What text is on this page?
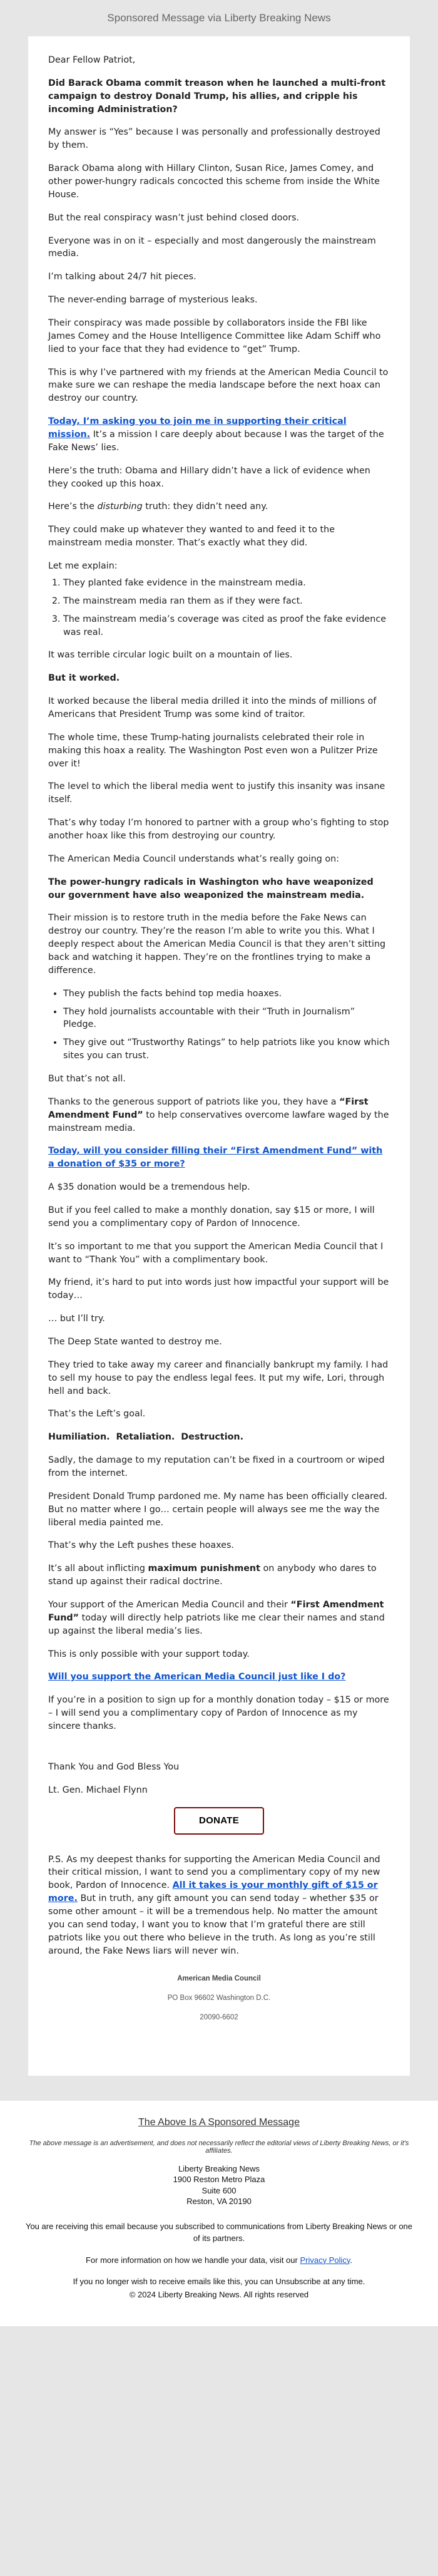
Sponsored Message via Liberty Breaking News

Dear Fellow Patriot,

Did Barack Obama commit treason when he launched a multi-front campaign to destroy Donald Trump, his allies, and cripple his incoming Administration?

My answer is “Yes” because I was personally and professionally destroyed by them.

Barack Obama along with Hillary Clinton, Susan Rice, James Comey, and other power-hungry radicals concocted this scheme from inside the White House.

But the real conspiracy wasn’t just behind closed doors.

Everyone was in on it – especially and most dangerously the mainstream media.

I’m talking about 24/7 hit pieces.

The never-ending barrage of mysterious leaks.

Their conspiracy was made possible by collaborators inside the FBI like James Comey and the House Intelligence Committee like Adam Schiff who lied to your face that they had evidence to “get” Trump.

This is why I’ve partnered with my friends at the American Media Council to make sure we can reshape the media landscape before the next hoax can destroy our country.

Today, I’m asking you to join me in supporting their critical mission. It’s a mission I care deeply about because I was the target of the Fake News’ lies.

Here’s the truth: Obama and Hillary didn’t have a lick of evidence when they cooked up this hoax.

Here’s the disturbing truth: they didn’t need any.

They could make up whatever they wanted to and feed it to the mainstream media monster. That’s exactly what they did.

Let me explain:

1. They planted fake evidence in the mainstream media.
2. The mainstream media ran them as if they were fact.
3. The mainstream media’s coverage was cited as proof the fake evidence was real.

It was terrible circular logic built on a mountain of lies.

But it worked.

It worked because the liberal media drilled it into the minds of millions of Americans that President Trump was some kind of traitor.

The whole time, these Trump-hating journalists celebrated their role in making this hoax a reality. The Washington Post even won a Pulitzer Prize over it!

The level to which the liberal media went to justify this insanity was insane itself.

That’s why today I’m honored to partner with a group who’s fighting to stop another hoax like this from destroying our country.

The American Media Council understands what’s really going on:

The power-hungry radicals in Washington who have weaponized our government have also weaponized the mainstream media.

Their mission is to restore truth in the media before the Fake News can destroy our country. They’re the reason I’m able to write you this. What I deeply respect about the American Media Council is that they aren’t sitting back and watching it happen. They’re on the frontlines trying to make a difference.

• They publish the facts behind top media hoaxes.
• They hold journalists accountable with their “Truth in Journalism” Pledge.
• They give out “Trustworthy Ratings” to help patriots like you know which sites you can trust.

But that’s not all.

Thanks to the generous support of patriots like you, they have a “First Amendment Fund” to help conservatives overcome lawfare waged by the mainstream media.

Today, will you consider filling their “First Amendment Fund” with a donation of $35 or more?

A $35 donation would be a tremendous help.

But if you feel called to make a monthly donation, say $15 or more, I will send you a complimentary copy of Pardon of Innocence.

It’s so important to me that you support the American Media Council that I want to “Thank You” with a complimentary book.

My friend, it’s hard to put into words just how impactful your support will be today…

… but I’ll try.

The Deep State wanted to destroy me.

They tried to take away my career and financially bankrupt my family. I had to sell my house to pay the endless legal fees. It put my wife, Lori, through hell and back.

That’s the Left’s goal.

Humiliation.  Retaliation.  Destruction.

Sadly, the damage to my reputation can’t be fixed in a courtroom or wiped from the internet.

President Donald Trump pardoned me. My name has been officially cleared. But no matter where I go… certain people will always see me the way the liberal media painted me.

That’s why the Left pushes these hoaxes.

It’s all about inflicting maximum punishment on anybody who dares to stand up against their radical doctrine.

Your support of the American Media Council and their “First Amendment Fund” today will directly help patriots like me clear their names and stand up against the liberal media’s lies.

This is only possible with your support today.

Will you support the American Media Council just like I do?

If you’re in a position to sign up for a monthly donation today – $15 or more – I will send you a complimentary copy of Pardon of Innocence as my sincere thanks.

Thank You and God Bless You

Lt. Gen. Michael Flynn

DONATE

P.S. As my deepest thanks for supporting the American Media Council and their critical mission, I want to send you a complimentary copy of my new book, Pardon of Innocence. All it takes is your monthly gift of $15 or more. But in truth, any gift amount you can send today – whether $35 or some other amount – it will be a tremendous help. No matter the amount you can send today, I want you to know that I’m grateful there are still patriots like you out there who believe in the truth. As long as you’re still around, the Fake News liars will never win.

American Media Council
PO Box 96602 Washington D.C.
20090-6602
The Above Is A Sponsored Message
The above message is an advertisement, and does not necessarily reflect the editorial views of Liberty Breaking News, or it's affiliates.
Liberty Breaking News
1900 Reston Metro Plaza
Suite 600
Reston, VA 20190
You are receiving this email because you subscribed to communications from Liberty Breaking News or one of its partners.
For more information on how we handle your data, visit our Privacy Policy.
If you no longer wish to receive emails like this, you can Unsubscribe at any time.
© 2024 Liberty Breaking News. All rights reserved
